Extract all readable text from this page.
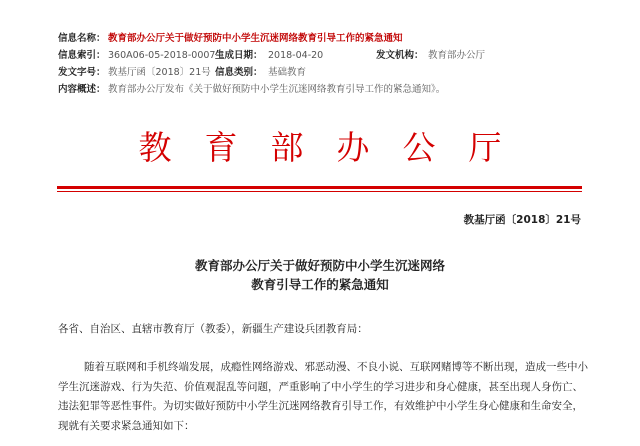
信息名称： 教育部办公厅关于做好预防中小学生沉迷网络教育引导工作的紧急通知
信息索引： 360A06-05-2018-0007-1
生成日期： 2018-04-20	发文机构： 教育部办公厅
发文字号： 教基厅函〔2018〕21号 信息类别： 基础教育
内容概述： 教育部办公厅发布《关于做好预防中小学生沉迷网络教育引导工作的紧急通知》。
教育部办公厅
教基厅函〔2018〕21号
教育部办公厅关于做好预防中小学生沉迷网络
教育引导工作的紧急通知
各省、自治区、直辖市教育厅（教委），新疆生产建设兵团教育局：
随着互联网和手机终端发展，成瘾性网络游戏、邪恶动漫、不良小说、互联网赌博等不断出现，造成一些中小
学生沉迷游戏、行为失范、价值观混乱等问题，严重影响了中小学生的学习进步和身心健康，甚至出现人身伤亡、
违法犯罪等恶性事件。为切实做好预防中小学生沉迷网络教育引导工作，有效维护中小学生身心健康和生命安全，
现就有关要求紧急通知如下：
